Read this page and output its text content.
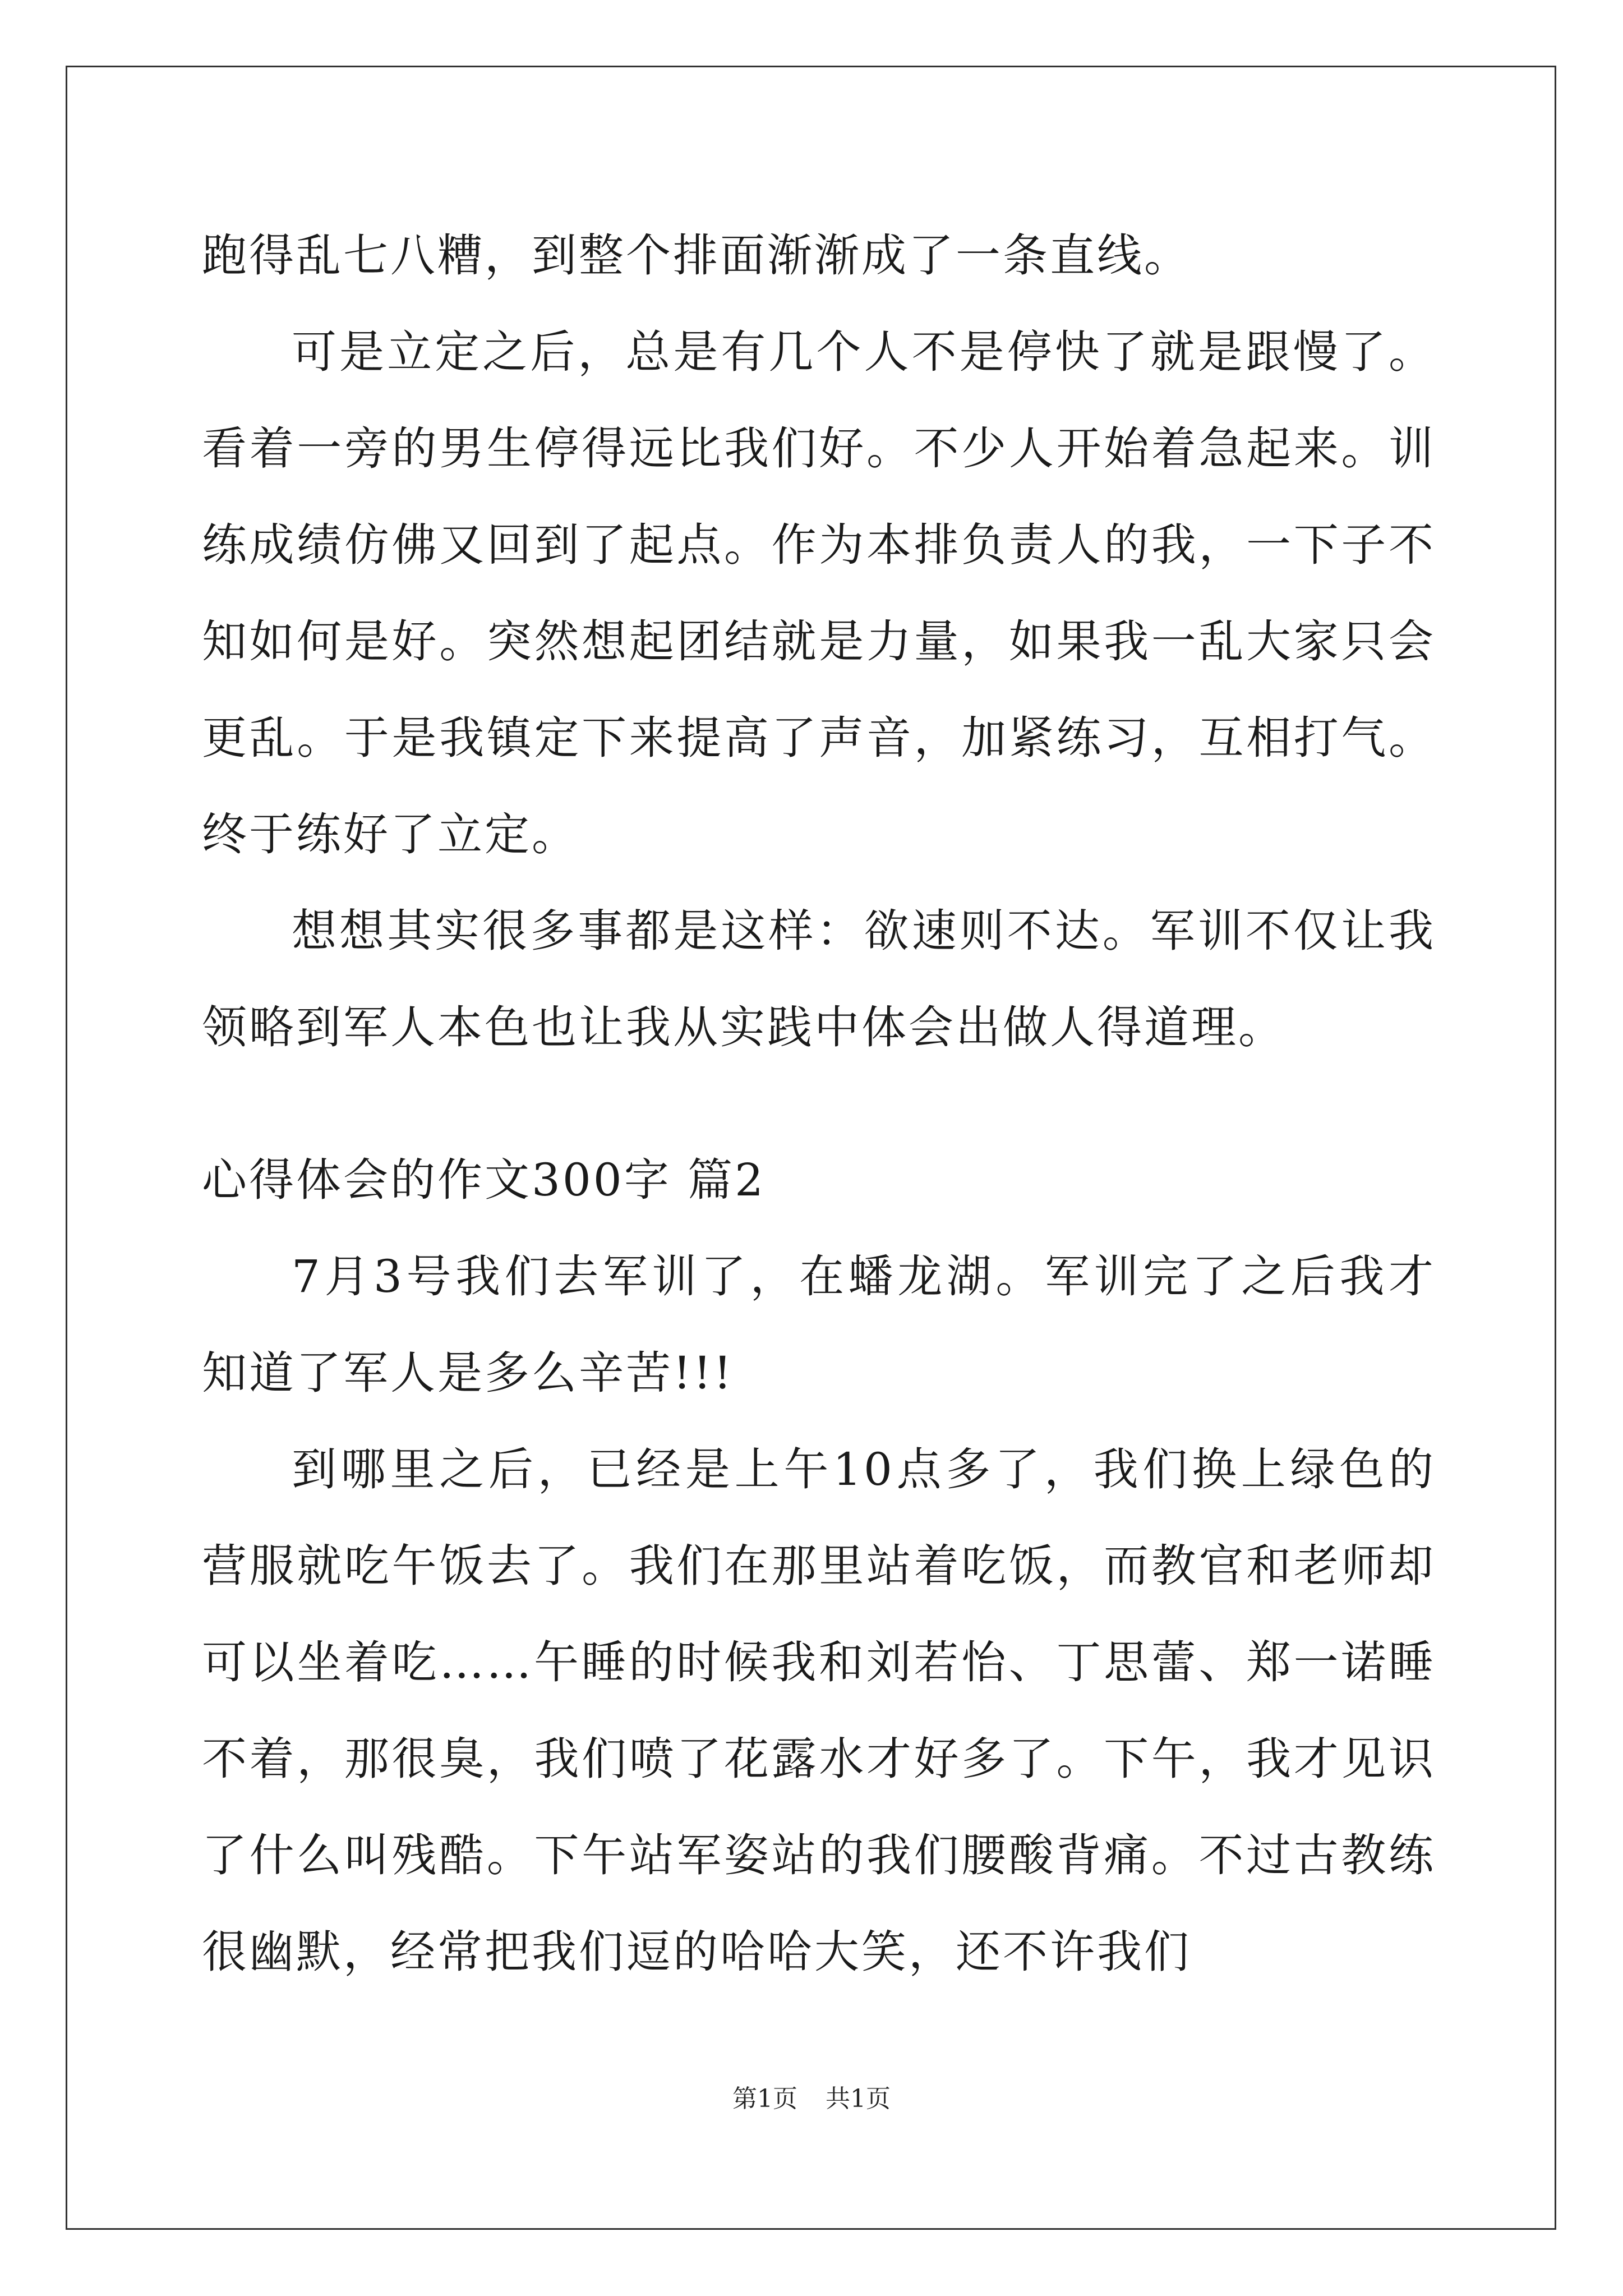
跑得乱七八糟，到整个排面渐渐成了一条直线。

可是立定之后，总是有几个人不是停快了就是跟慢了。看着一旁的男生停得远比我们好。不少人开始着急起来。训练成绩仿佛又回到了起点。作为本排负责人的我，一下子不知如何是好。突然想起团结就是力量，如果我一乱大家只会更乱。于是我镇定下来提高了声音，加紧练习，互相打气。终于练好了立定。

想想其实很多事都是这样：欲速则不达。军训不仅让我领略到军人本色也让我从实践中体会出做人得道理。

心得体会的作文300字 篇2

7月3号我们去军训了，在蟠龙湖。军训完了之后我才知道了军人是多么辛苦!!!

到哪里之后，已经是上午10点多了，我们换上绿色的营服就吃午饭去了。我们在那里站着吃饭，而教官和老师却可以坐着吃……午睡的时候我和刘若怡、丁思蕾、郑一诺睡不着，那很臭，我们喷了花露水才好多了。下午，我才见识了什么叫残酷。下午站军姿站的我们腰酸背痛。不过古教练很幽默，经常把我们逗的哈哈大笑，还不许我们

第1页 共1页
